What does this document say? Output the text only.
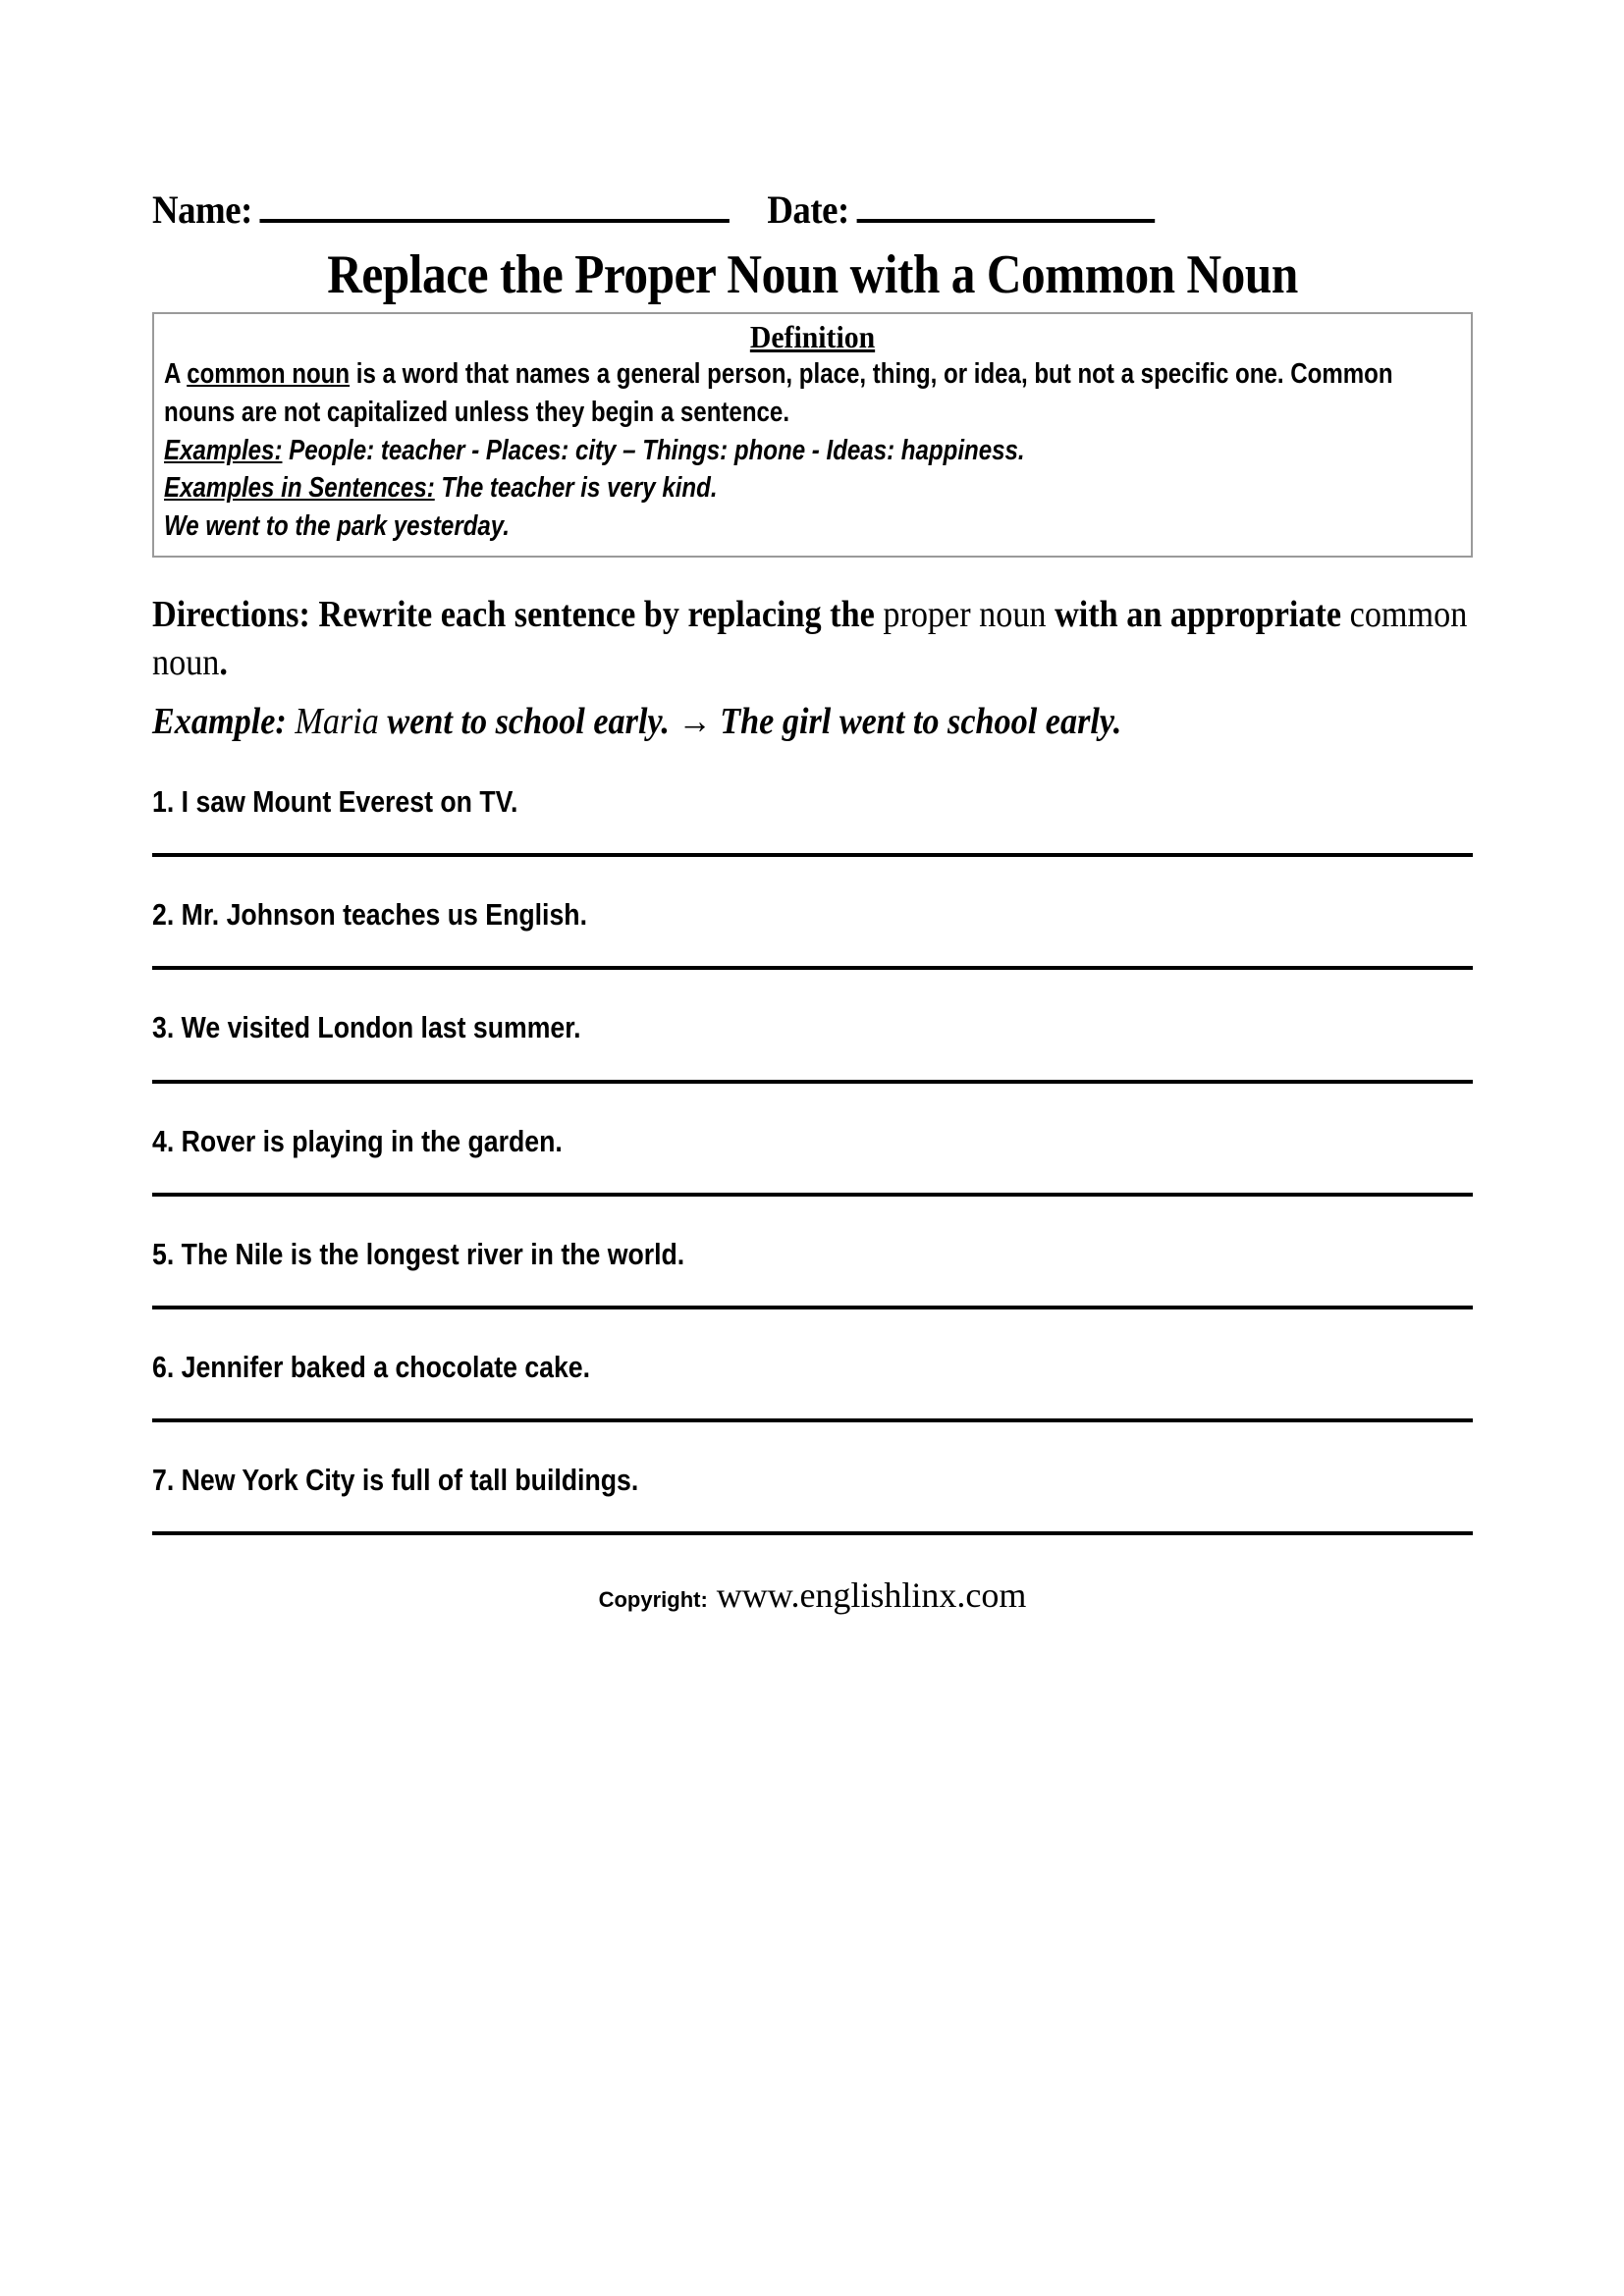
Name:	Date:
Replace the Proper Noun with a Common Noun
Definition
A common noun is a word that names a general person, place, thing, or idea, but not a specific one. Common nouns are not capitalized unless they begin a sentence.
Examples: People: teacher - Places: city – Things: phone - Ideas: happiness.
Examples in Sentences: The teacher is very kind.
We went to the park yesterday.
Directions: Rewrite each sentence by replacing the proper noun with an appropriate common noun.
Example: Maria went to school early. → The girl went to school early.
1. I saw Mount Everest on TV.
2. Mr. Johnson teaches us English.
3. We visited London last summer.
4. Rover is playing in the garden.
5. The Nile is the longest river in the world.
6. Jennifer baked a chocolate cake.
7. New York City is full of tall buildings.
Copyright: www.englishlinx.com
